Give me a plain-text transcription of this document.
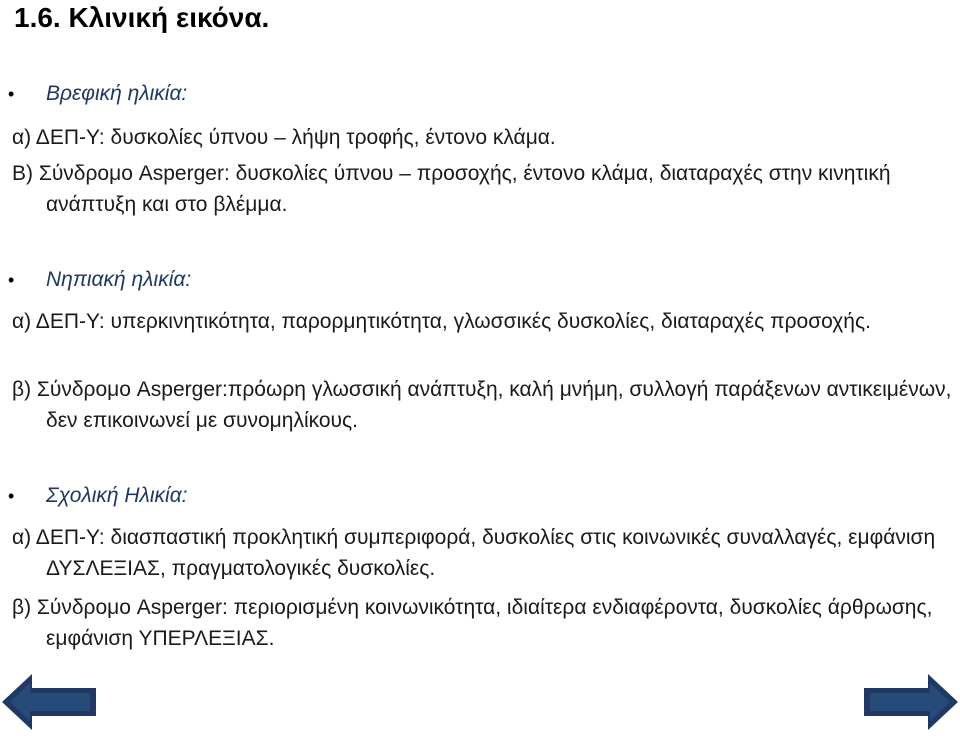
1.6. Κλινική εικόνα.
• Βρεφική ηλικία:

α) ΔΕΠ-Υ: δυσκολίες ύπνου – λήψη τροφής, έντονο κλάμα.

Β) Σύνδρομο Asperger: δυσκολίες ύπνου – προσοχής, έντονο κλάμα, διαταραχές στην κινητική ανάπτυξη και στο βλέμμα.

• Νηπιακή ηλικία:

α) ΔΕΠ-Υ: υπερκινητικότητα, παρορμητικότητα, γλωσσικές δυσκολίες, διαταραχές προσοχής.

β) Σύνδρομο Asperger:πρόωρη γλωσσική ανάπτυξη, καλή μνήμη, συλλογή παράξενων αντικειμένων, δεν επικοινωνεί με συνομηλίκους.

• Σχολική Ηλικία:

α) ΔΕΠ-Υ: διασπαστική προκλητική συμπεριφορά, δυσκολίες στις κοινωνικές συναλλαγές, εμφάνιση ΔΥΣΛΕΞΙΑΣ, πραγματολογικές δυσκολίες.

β) Σύνδρομο Asperger: περιορισμένη κοινωνικότητα, ιδιαίτερα ενδιαφέροντα, δυσκολίες άρθρωσης, εμφάνιση ΥΠΕΡΛΕΞΙΑΣ.
